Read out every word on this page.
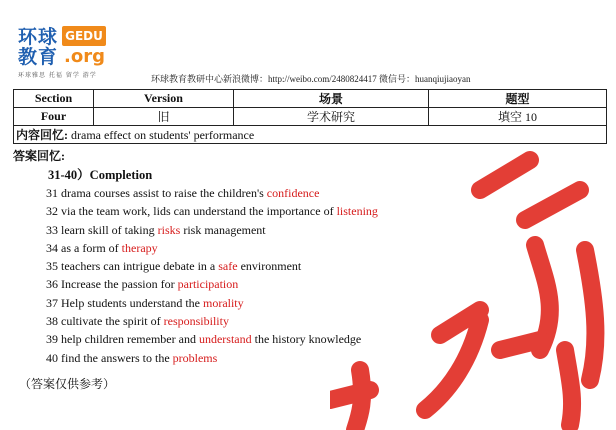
环球
教育
GEDU
.org
环球雅思 托福 留学 游学	环球教育教研中心新浪微博：http://weibo.com/2480824417 微信号：huanqiujiaoyan
Section	Version	场景	题型
Four	旧	学术研究	填空 10
内容回忆: drama effect on students' performance			
答案回忆:
31-40）Completion
31 drama courses assist to raise the children's confidence
32 via the team work, lids can understand the importance of listening
33 learn skill of taking risks risk management
34 as a form of therapy
35 teachers can intrigue debate in a safe environment
36 Increase the passion for participation
37 Help students understand the morality
38 cultivate the spirit of responsibility
39 help children remember and understand the history knowledge
40 find the answers to the problems
（答案仅供参考）
